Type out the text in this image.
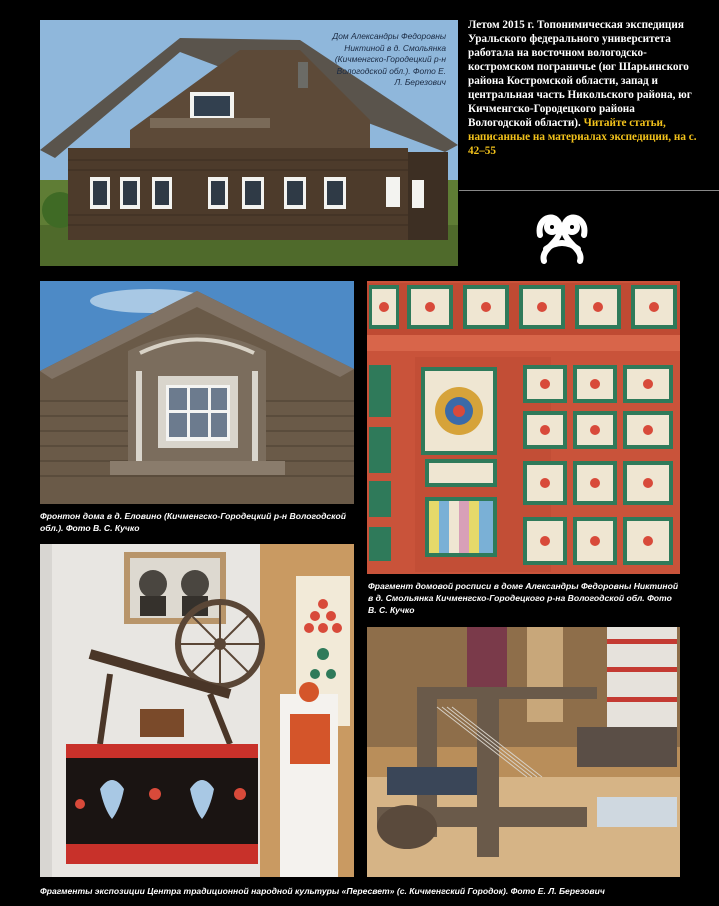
Дом Александры Федоровны Никтиной в д. Смольянка (Кичменгско-Городецкий р-н Вологодской обл.). Фото Е. Л. Березович
Летом 2015 г. Топонимическая экспедиция Уральского федерального университета работала на восточном вологодско-костромском пограничье (юг Шарьинского района Костромской области, запад и центральная часть Никольского района, юг Кичменгско-Городецкого района Вологодской области). Читайте статьи, написанные на материалах экспедиции, на с. 42–55
Фронтон дома в д. Еловино (Кичменгско-Городецкий р-н Вологодской обл.). Фото В. С. Кучко
Фрагмент домовой росписи в доме Александры Федоровны Никтиной в д. Смольянка Кичменгско-Городецкого р-на Вологодской обл. Фото В. С. Кучко
Фрагменты экспозиции Центра традиционной народной культуры «Пересвет» (с. Кичменгский Городок). Фото Е. Л. Березович
